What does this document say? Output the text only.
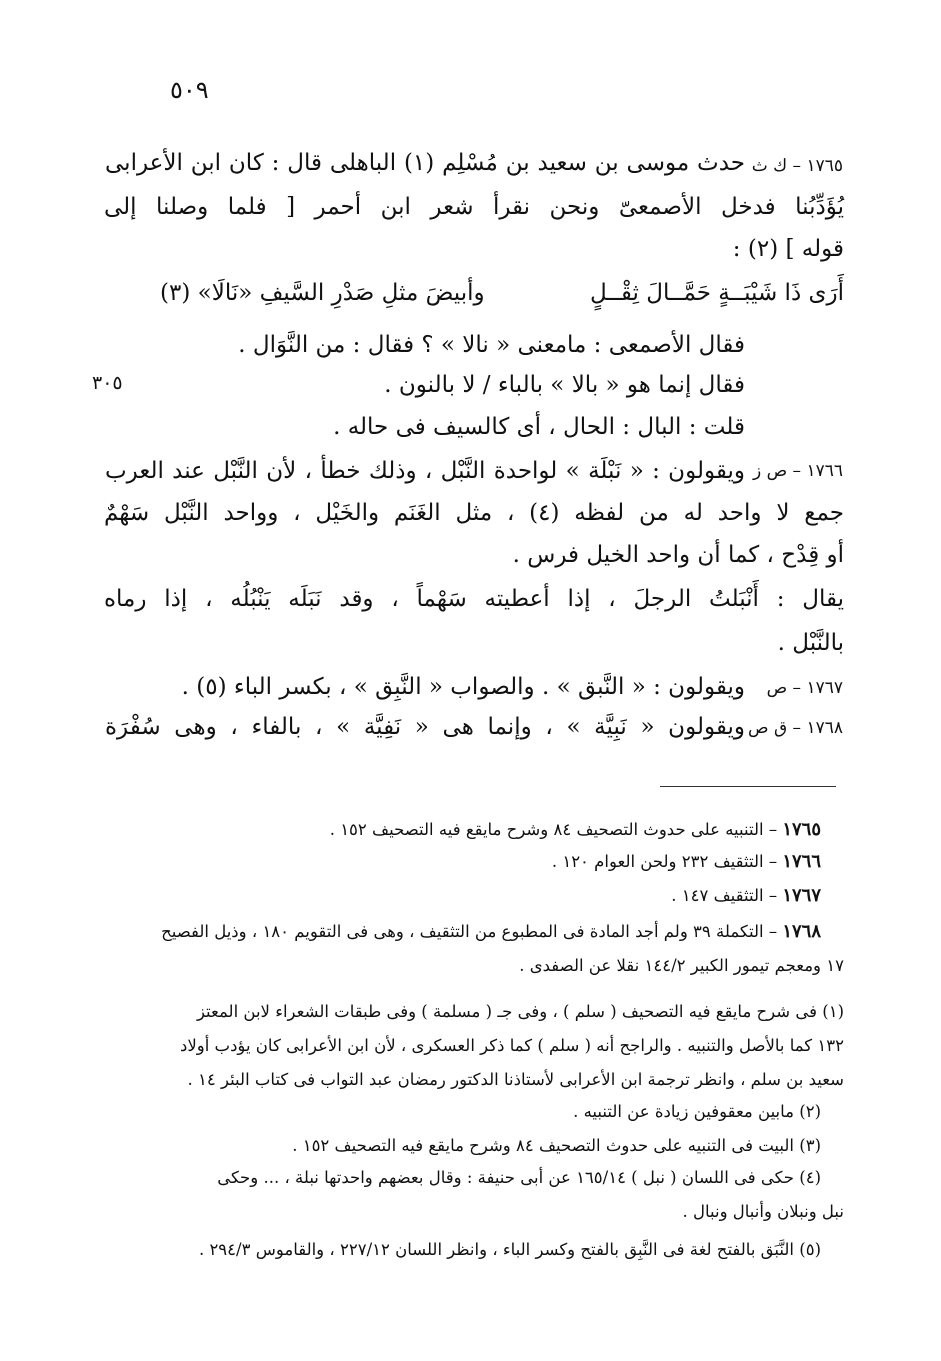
٥٠٩
٣٠٥
١٧٦٥ – ك ث
١٧٦٦ – ص ز
١٧٦٧ – ص
١٧٦٨ – ق ص
حدث موسى بن سعيد بن مُسْلِم (١) الباهلى قال : كان ابن الأعرابى
يُؤَدِّبُنا فدخل الأصمعىّ ونحن نقرأ شعر ابن أحمر [ فلما وصلنا إلى
قوله ] (٢) :
أَرَى ذَا شَيْبَــةٍ حَمَّــالَ ثِقْــلٍ
وأبيضَ مثلِ صَدْرِ السَّيفِ «نَالَا» (٣)
فقال الأصمعى : مامعنى « نالا » ؟ فقال : من النَّوَال .
فقال إنما هو « بالا » بالباء / لا بالنون .
قلت : البال : الحال ، أى كالسيف فى حاله .
ويقولون : « نَبْلَة » لواحدة النَّبْل ، وذلك خطأ ، لأن النَّبْل عند العرب
جمع لا واحد له من لفظه (٤) ، مثل الغَنَم والخَيْل ، وواحد النَّبْل سَهْمٌ
أو قِدْح ، كما أن واحد الخيل فرس .
يقال : أَنْبَلتُ الرجلَ ، إذا أعطيته سَهْماً ، وقد نَبَلَه يَنْبُلُه ، إذا رماه
بالنَّبْل .
ويقولون : « النَّبق » . والصواب « النَّبِق » ، بكسر الباء (٥) .
ويقولون « نَبِيَّة » ، وإنما هى « نَفِيَّة » ، بالفاء ، وهى سُفْرَة
١٧٦٥ – التنبيه على حدوث التصحيف ٨٤ وشرح مايقع فيه التصحيف ١٥٢ .
١٧٦٦ – التثقيف ٢٣٢ ولحن العوام ١٢٠ .
١٧٦٧ – التثقيف ١٤٧ .
١٧٦٨ – التكملة ٣٩ ولم أجد المادة فى المطبوع من التثقيف ، وهى فى التقويم ١٨٠ ، وذيل الفصيح
١٧ ومعجم تيمور الكبير ١٤٤/٢ نقلا عن الصفدى .
(١) فى شرح مايقع فيه التصحيف ( سلم ) ، وفى جـ ( مسلمة ) وفى طبقات الشعراء لابن المعتز
١٣٢ كما بالأصل والتنبيه . والراجح أنه ( سلم ) كما ذكر العسكرى ، لأن ابن الأعرابى كان يؤدب أولاد
سعيد بن سلم ، وانظر ترجمة ابن الأعرابى لأستاذنا الدكتور رمضان عبد التواب فى كتاب البئر ١٤ .
(٢) مابين معقوفين زيادة عن التنبيه .
(٣) البيت فى التنبيه على حدوث التصحيف ٨٤ وشرح مايقع فيه التصحيف ١٥٢ .
(٤) حكى فى اللسان ( نبل ) ١٦٥/١٤ عن أبى حنيفة : وقال بعضهم واحدتها نبلة ، ... وحكى
نبل ونبلان وأنبال ونبال .
(٥) النَّبَق بالفتح لغة فى النَّبِق بالفتح وكسر الباء ، وانظر اللسان ٢٢٧/١٢ ، والقاموس ٢٩٤/٣ .
